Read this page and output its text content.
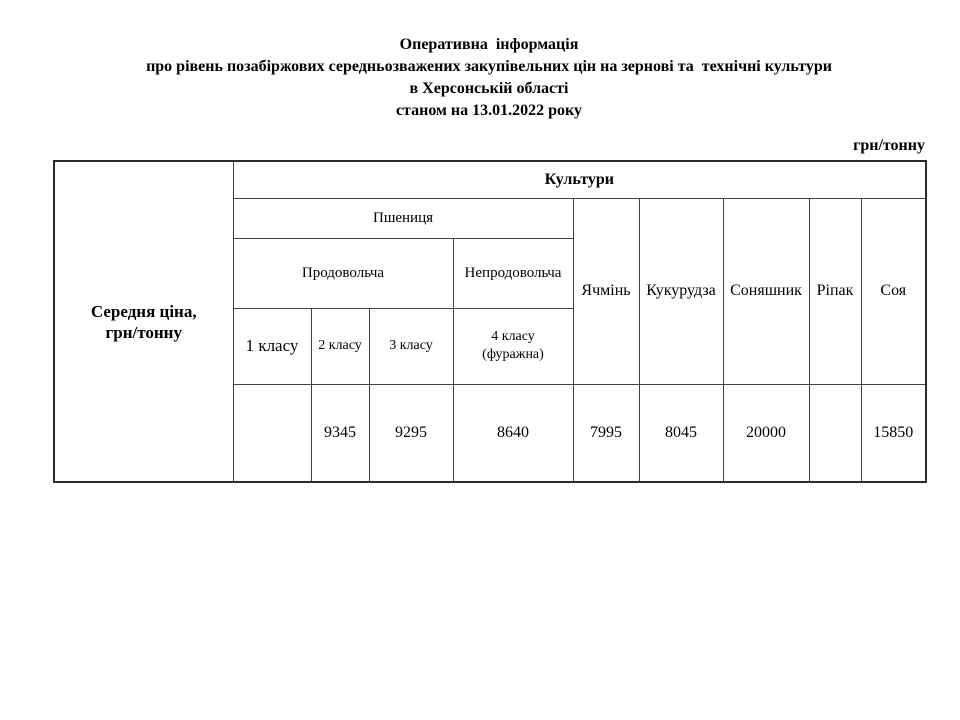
Оперативна  інформація
про рівень позабіржових середньозважених закупівельних цін на зернові та  технічні культури
в Херсонській області
станом на 13.01.2022 року
грн/тонну
Середня ціна,
грн/тонну	Культури								
	Пшениця				Ячмінь	Кукурудза	Соняшник	Ріпак	Соя
	Продовольча			Непродовольча					
	1 класу	2 класу	3 класу	4 класу
(фуражна)					
		9345	9295	8640	7995	8045	20000		15850
